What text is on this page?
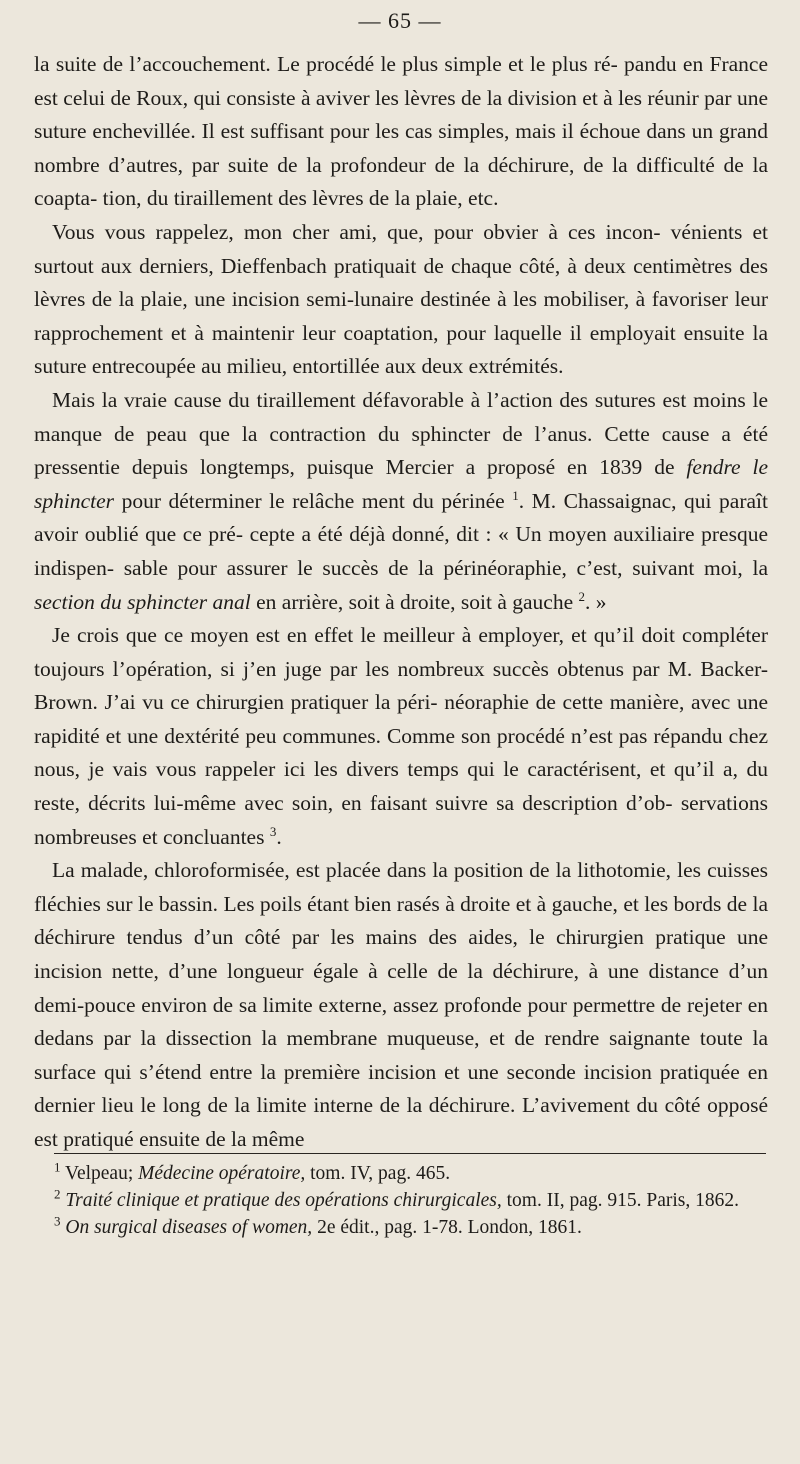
— 65 —

la suite de l’accouchement. Le procédé le plus simple et le plus ré- pandu en France est celui de Roux, qui consiste à aviver les lèvres de la division et à les réunir par une suture enchevillée. Il est suffisant pour les cas simples, mais il échoue dans un grand nombre d’autres, par suite de la profondeur de la déchirure, de la difficulté de la coapta- tion, du tiraillement des lèvres de la plaie, etc.

Vous vous rappelez, mon cher ami, que, pour obvier à ces incon- vénients et surtout aux derniers, Dieffenbach pratiquait de chaque côté, à deux centimètres des lèvres de la plaie, une incision semi-lunaire destinée à les mobiliser, à favoriser leur rapprochement et à maintenir leur coaptation, pour laquelle il employait ensuite la suture entrecoupée au milieu, entortillée aux deux extrémités.

Mais la vraie cause du tiraillement défavorable à l’action des sutures est moins le manque de peau que la contraction du sphincter de l’anus. Cette cause a été pressentie depuis longtemps, puisque Mercier a proposé en 1839 de fendre le sphincter pour déterminer le relâche ment du périnée $^1$. M. Chassaignac, qui paraît avoir oublié que ce pré- cepte a été déjà donné, dit : « Un moyen auxiliaire presque indispen- sable pour assurer le succès de la périnéoraphie, c’est, suivant moi, la section du sphincter anal en arrière, soit à droite, soit à gauche $^2$. »

Je crois que ce moyen est en effet le meilleur à employer, et qu’il doit compléter toujours l’opération, si j’en juge par les nombreux succès obtenus par M. Backer-Brown. J’ai vu ce chirurgien pratiquer la péri- néoraphie de cette manière, avec une rapidité et une dextérité peu communes. Comme son procédé n’est pas répandu chez nous, je vais vous rappeler ici les divers temps qui le caractérisent, et qu’il a, du reste, décrits lui-même avec soin, en faisant suivre sa description d’ob- servations nombreuses et concluantes $^3$.

La malade, chloroformisée, est placée dans la position de la lithotomie, les cuisses fléchies sur le bassin. Les poils étant bien rasés à droite et à gauche, et les bords de la déchirure tendus d’un côté par les mains des aides, le chirurgien pratique une incision nette, d’une longueur égale à celle de la déchirure, à une distance d’un demi-pouce environ de sa limite externe, assez profonde pour permettre de rejeter en dedans par la dissection la membrane muqueuse, et de rendre saignante toute la surface qui s’étend entre la première incision et une seconde incision pratiquée en dernier lieu le long de la limite interne de la déchirure. L’avivement du côté opposé est pratiqué ensuite de la même

$^1$ Velpeau; Médecine opératoire, tom. IV, pag. 465.

$^2$ Traité clinique et pratique des opérations chirurgicales, tom. II, pag. 915. Paris, 1862.

$^3$ On surgical diseases of women, 2e édit., pag. 1-78. London, 1861.
